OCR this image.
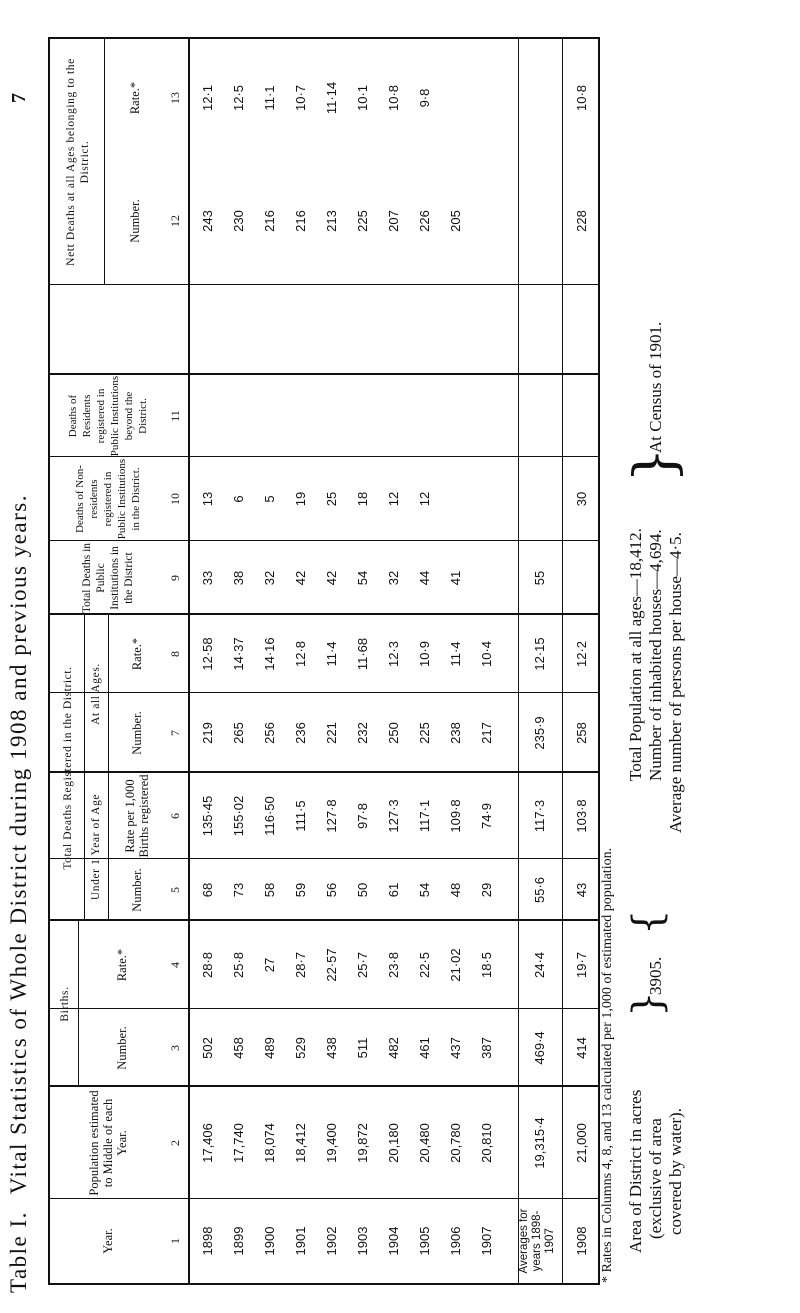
7
Table I. Vital Statistics of Whole District during 1908 and previous years.	Births.
Total Deaths Registered in the District.	Under 1 Year of Age
At all Ages.
Nett Deaths at all Ages belonging to the District.
Year.
Population estimated to Middle of each Year.
Number.
Rate.*
Number.
Rate per 1,000 Births registered
Number.
Rate.*
Total Deaths in Public Institutions in the District
Deaths of Non-residents registered in Public Institutions in the District.
Deaths of Residents registered in Public Institutions beyond the District.
Number.
Rate.*
1
2
3
4
5
6
7
8
9
10
11
12
13
1898
17,406
502
28·8
68
135·45
219
12·58
33
13
243
12·1
1899
17,740
458
25·8
73
155·02
265
14·37
38
6
230
12·5
1900
18,074
489
27
58
116·50
256
14·16
32
5
216
11·1
1901
18,412
529
28·7
59
111·5
236
12·8
42
19
216
10·7
1902
19,400
438
22·57
56
127·8
221
11·4
42
25
213
11·14
1903
19,872
511
25·7
50
97·8
232
11·68
54
18
225
10·1
1904
20,180
482
23·8
61
127·3
250
12·3
32
12
207
10·8
1905
20,480
461
22·5
54
117·1
225
10·9
44
12
226
9·8
1906
20,780
437
21·02
48
109·8
238
11·4
41
205
1907
20,810
387
18·5
29
74·9
217
10·4
Averages for years 1898-1907
19,315·4
469·4
24·4
55·6
117·3
235·9
12·15
55
1908
21,000
414
19·7
43
103·8
258
12·2
30
228
10·8
* Rates in Columns 4, 8, and 13 calculated per 1,000 of estimated population. Area of District in acres (exclusive of area covered by water).
}
3905.
{
Total Population at all ages—18,412. Number of inhabited houses—4,694. Average number of persons per house—4·5.
}
At Census of 1901.
